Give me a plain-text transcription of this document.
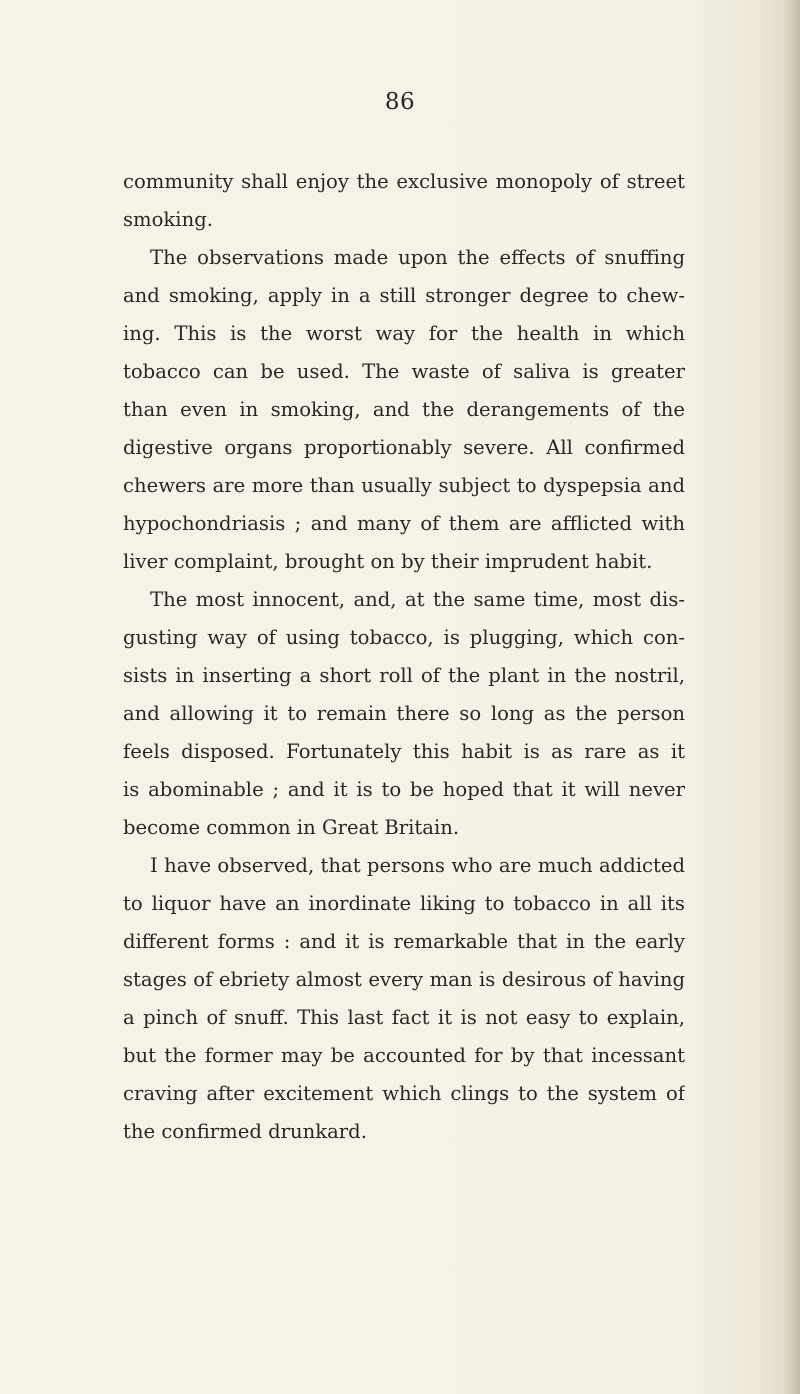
86
community shall enjoy the exclusive monopoly of street
smoking.
The observations made upon the effects of snuffing
and smoking, apply in a still stronger degree to chew-
ing. This is the worst way for the health in which
tobacco can be used. The waste of saliva is greater
than even in smoking, and the derangements of the
digestive organs proportionably severe. All confirmed
chewers are more than usually subject to dyspepsia and
hypochondriasis ; and many of them are afflicted with
liver complaint, brought on by their imprudent habit.
The most innocent, and, at the same time, most dis-
gusting way of using tobacco, is plugging, which con-
sists in inserting a short roll of the plant in the nostril,
and allowing it to remain there so long as the person
feels disposed. Fortunately this habit is as rare as it
is abominable ; and it is to be hoped that it will never
become common in Great Britain.
I have observed, that persons who are much addicted
to liquor have an inordinate liking to tobacco in all its
different forms : and it is remarkable that in the early
stages of ebriety almost every man is desirous of having
a pinch of snuff. This last fact it is not easy to explain,
but the former may be accounted for by that incessant
craving after excitement which clings to the system of
the confirmed drunkard.
